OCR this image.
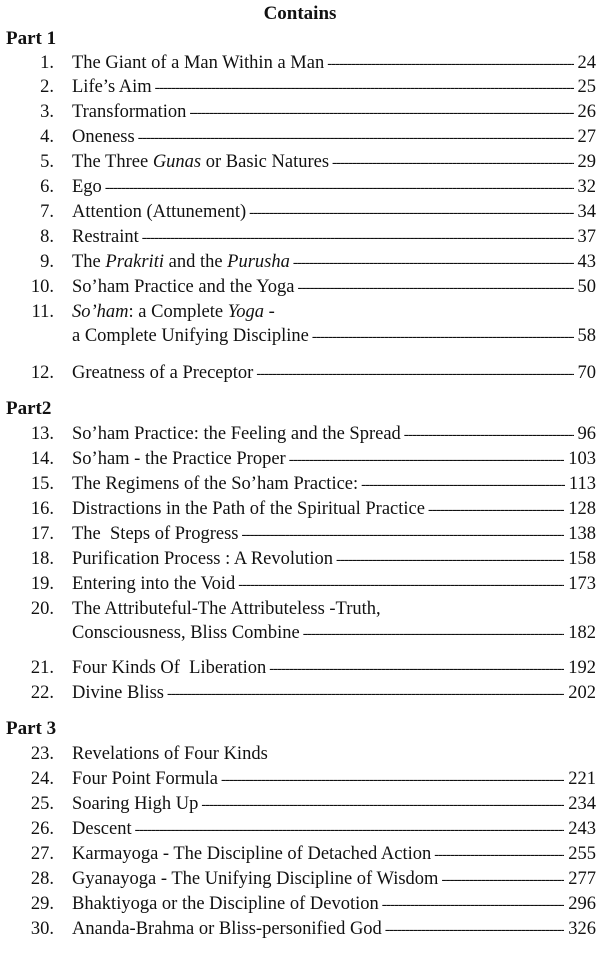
Contains
Part 1
1. The Giant of a Man Within a Man -----	24
2. Life’s Aim -----	25
3. Transformation -----	26
4. Oneness -----	27
5. The Three Gunas or Basic Natures -----	29
6. Ego -----	32
7. Attention (Attunement) -----	34
8. Restraint -----	37
9. The Prakriti and the Purusha -----	43
10. So’ham Practice and the Yoga -----	50
11. So’ham: a Complete Yoga -
a Complete Unifying Discipline -----	58
12. Greatness of a Preceptor -----	70
Part2
13. So’ham Practice: the Feeling and the Spread -----	96
14. So’ham - the Practice Proper -----	103
15. The Regimens of the So’ham Practice: -----	113
16. Distractions in the Path of the Spiritual Practice -----	128
17. The  Steps of Progress -----	138
18. Purification Process : A Revolution -----	158
19. Entering into the Void -----	173
20. The Attributeful-The Attributeless -Truth,
Consciousness, Bliss Combine -----	182
21. Four Kinds Of  Liberation -----	192
22. Divine Bliss -----	202
Part 3
23. Revelations of Four Kinds
24. Four Point Formula -----	221
25. Soaring High Up -----	234
26. Descent -----	243
27. Karmayoga - The Discipline of Detached Action -----	255
28. Gyanayoga - The Unifying Discipline of Wisdom -----	277
29. Bhaktiyoga or the Discipline of Devotion -----	296
30. Ananda-Brahma or Bliss-personified God -----	326
